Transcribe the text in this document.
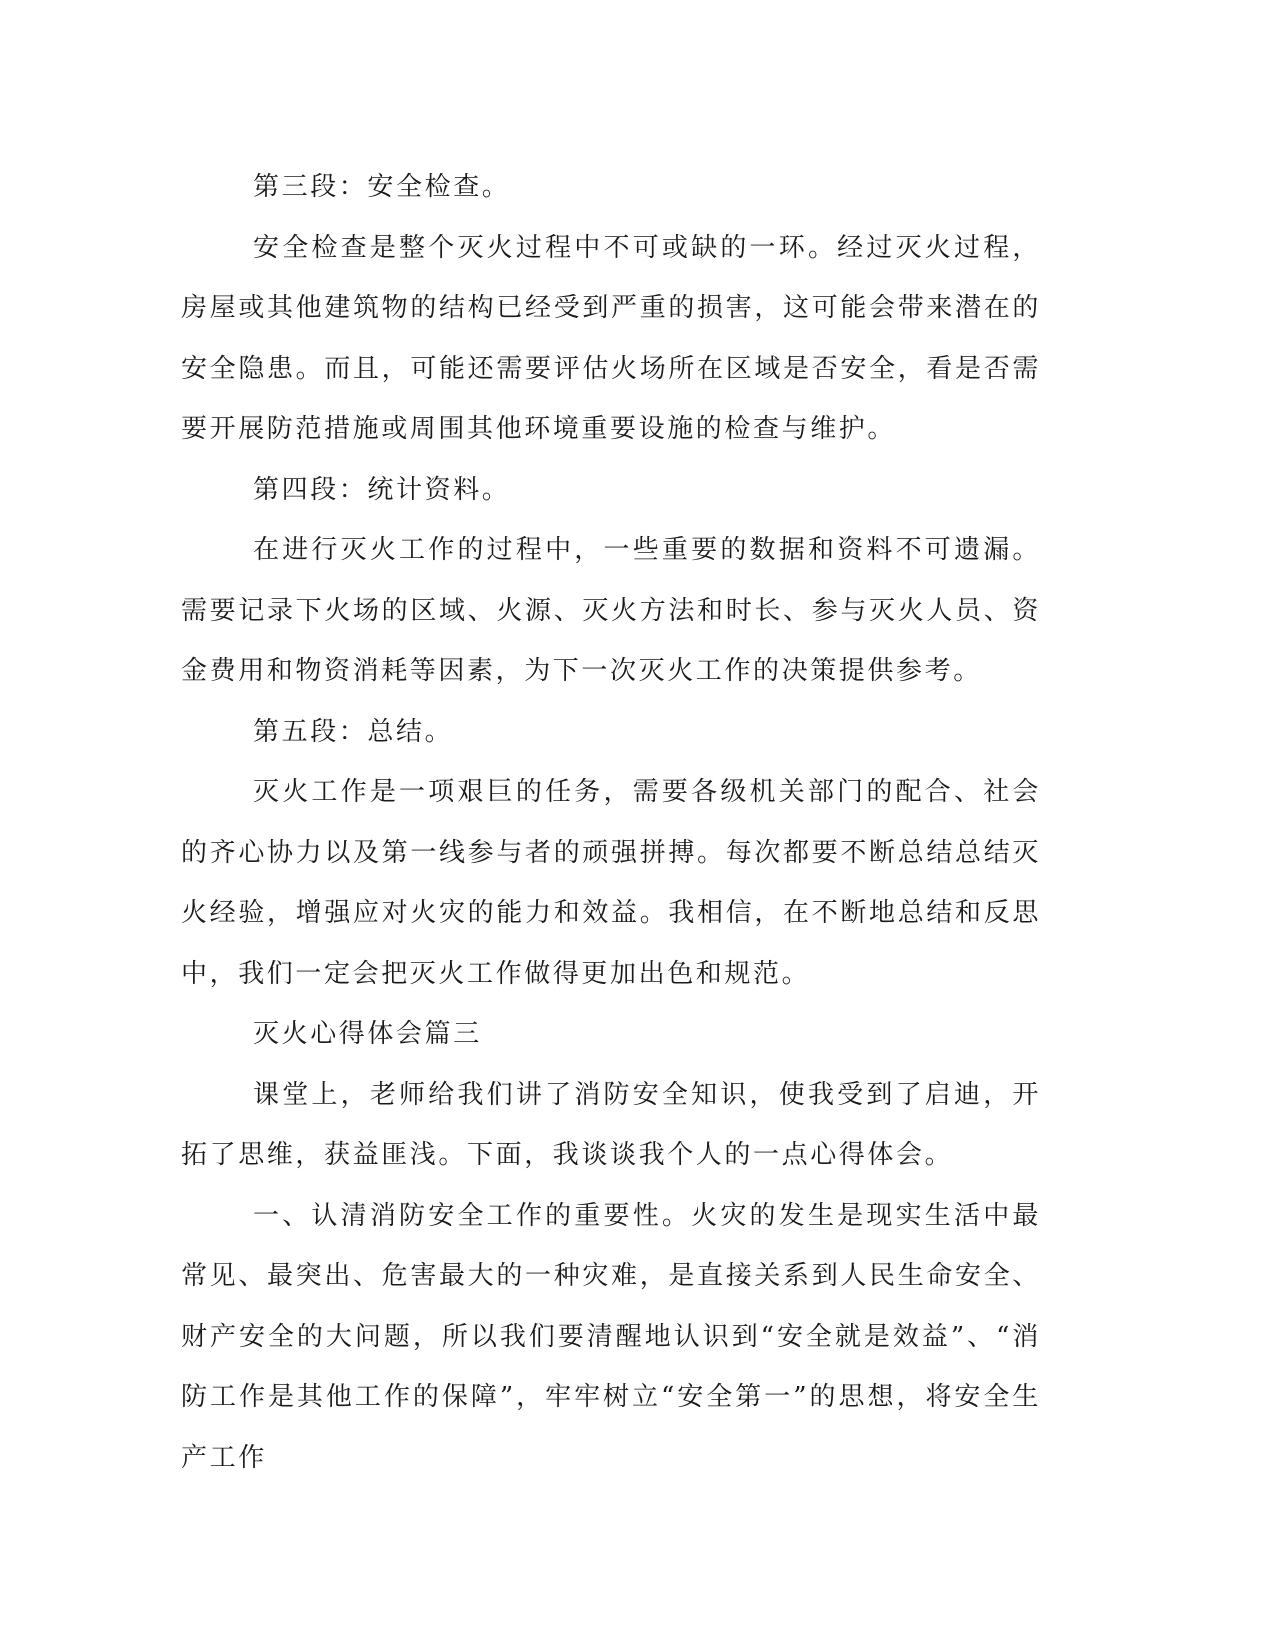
第三段：安全检查。

安全检查是整个灭火过程中不可或缺的一环。经过灭火过程，房屋或其他建筑物的结构已经受到严重的损害，这可能会带来潜在的安全隐患。而且，可能还需要评估火场所在区域是否安全，看是否需要开展防范措施或周围其他环境重要设施的检查与维护。

第四段：统计资料。

在进行灭火工作的过程中，一些重要的数据和资料不可遗漏。需要记录下火场的区域、火源、灭火方法和时长、参与灭火人员、资金费用和物资消耗等因素，为下一次灭火工作的决策提供参考。

第五段：总结。

灭火工作是一项艰巨的任务，需要各级机关部门的配合、社会的齐心协力以及第一线参与者的顽强拼搏。每次都要不断总结总结灭火经验，增强应对火灾的能力和效益。我相信，在不断地总结和反思中，我们一定会把灭火工作做得更加出色和规范。

灭火心得体会篇三

课堂上，老师给我们讲了消防安全知识，使我受到了启迪，开拓了思维，获益匪浅。下面，我谈谈我个人的一点心得体会。

一、认清消防安全工作的重要性。火灾的发生是现实生活中最常见、最突出、危害最大的一种灾难，是直接关系到人民生命安全、财产安全的大问题，所以我们要清醒地认识到“安全就是效益”、“消防工作是其他工作的保障”，牢牢树立“安全第一”的思想，将安全生产工作
